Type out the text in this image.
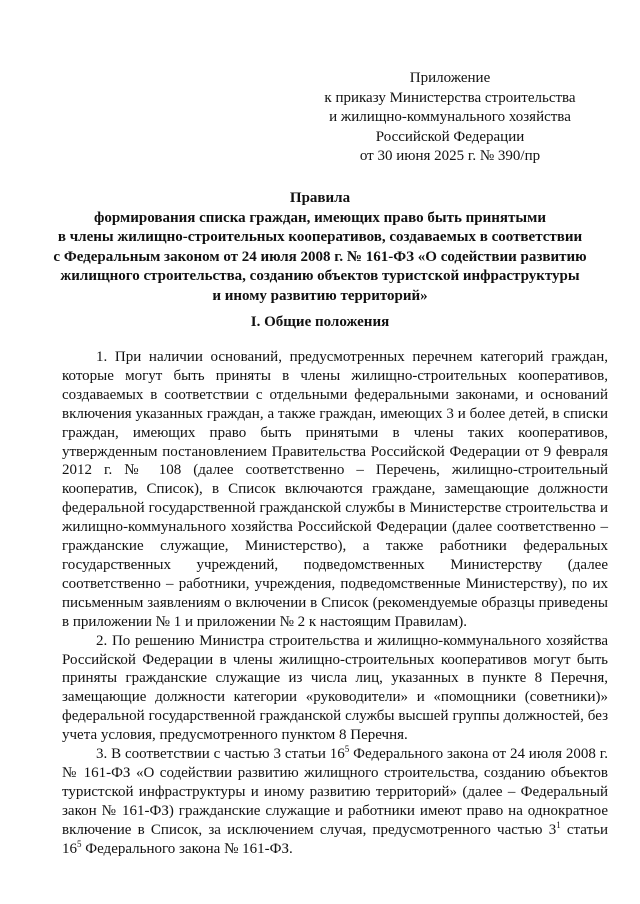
Приложение
к приказу Министерства строительства
и жилищно-коммунального хозяйства
Российской Федерации
от 30 июня 2025 г. № 390/пр
Правила
формирования списка граждан, имеющих право быть принятыми
в члены жилищно-строительных кооперативов, создаваемых в соответствии
с Федеральным законом от 24 июля 2008 г. № 161-ФЗ «О содействии развитию
жилищного строительства, созданию объектов туристской инфраструктуры
и иному развитию территорий»
I. Общие положения

1. При наличии оснований, предусмотренных перечнем категорий граждан, которые могут быть приняты в члены жилищно-строительных кооперативов, создаваемых в соответствии с отдельными федеральными законами, и оснований включения указанных граждан, а также граждан, имеющих 3 и более детей, в списки граждан, имеющих право быть принятыми в члены таких кооперативов, утвержденным постановлением Правительства Российской Федерации от 9 февраля 2012 г. № 108 (далее соответственно – Перечень, жилищно-строительный кооператив, Список), в Список включаются граждане, замещающие должности федеральной государственной гражданской службы в Министерстве строительства и жилищно-коммунального хозяйства Российской Федерации (далее соответственно – гражданские служащие, Министерство), а также работники федеральных государственных учреждений, подведомственных Министерству (далее соответственно – работники, учреждения, подведомственные Министерству), по их письменным заявлениям о включении в Список (рекомендуемые образцы приведены в приложении № 1 и приложении № 2 к настоящим Правилам).

2. По решению Министра строительства и жилищно-коммунального хозяйства Российской Федерации в члены жилищно-строительных кооперативов могут быть приняты гражданские служащие из числа лиц, указанных в пункте 8 Перечня, замещающие должности категории «руководители» и «помощники (советники)» федеральной государственной гражданской службы высшей группы должностей, без учета условия, предусмотренного пунктом 8 Перечня.

3. В соответствии с частью 3 статьи $16^5$ Федерального закона от 24 июля 2008 г. № 161-ФЗ «О содействии развитию жилищного строительства, созданию объектов туристской инфраструктуры и иному развитию территорий» (далее – Федеральный закон № 161-ФЗ) гражданские служащие и работники имеют право на однократное включение в Список, за исключением случая, предусмотренного частью $3^1$ статьи $16^5$ Федерального закона № 161-ФЗ.
